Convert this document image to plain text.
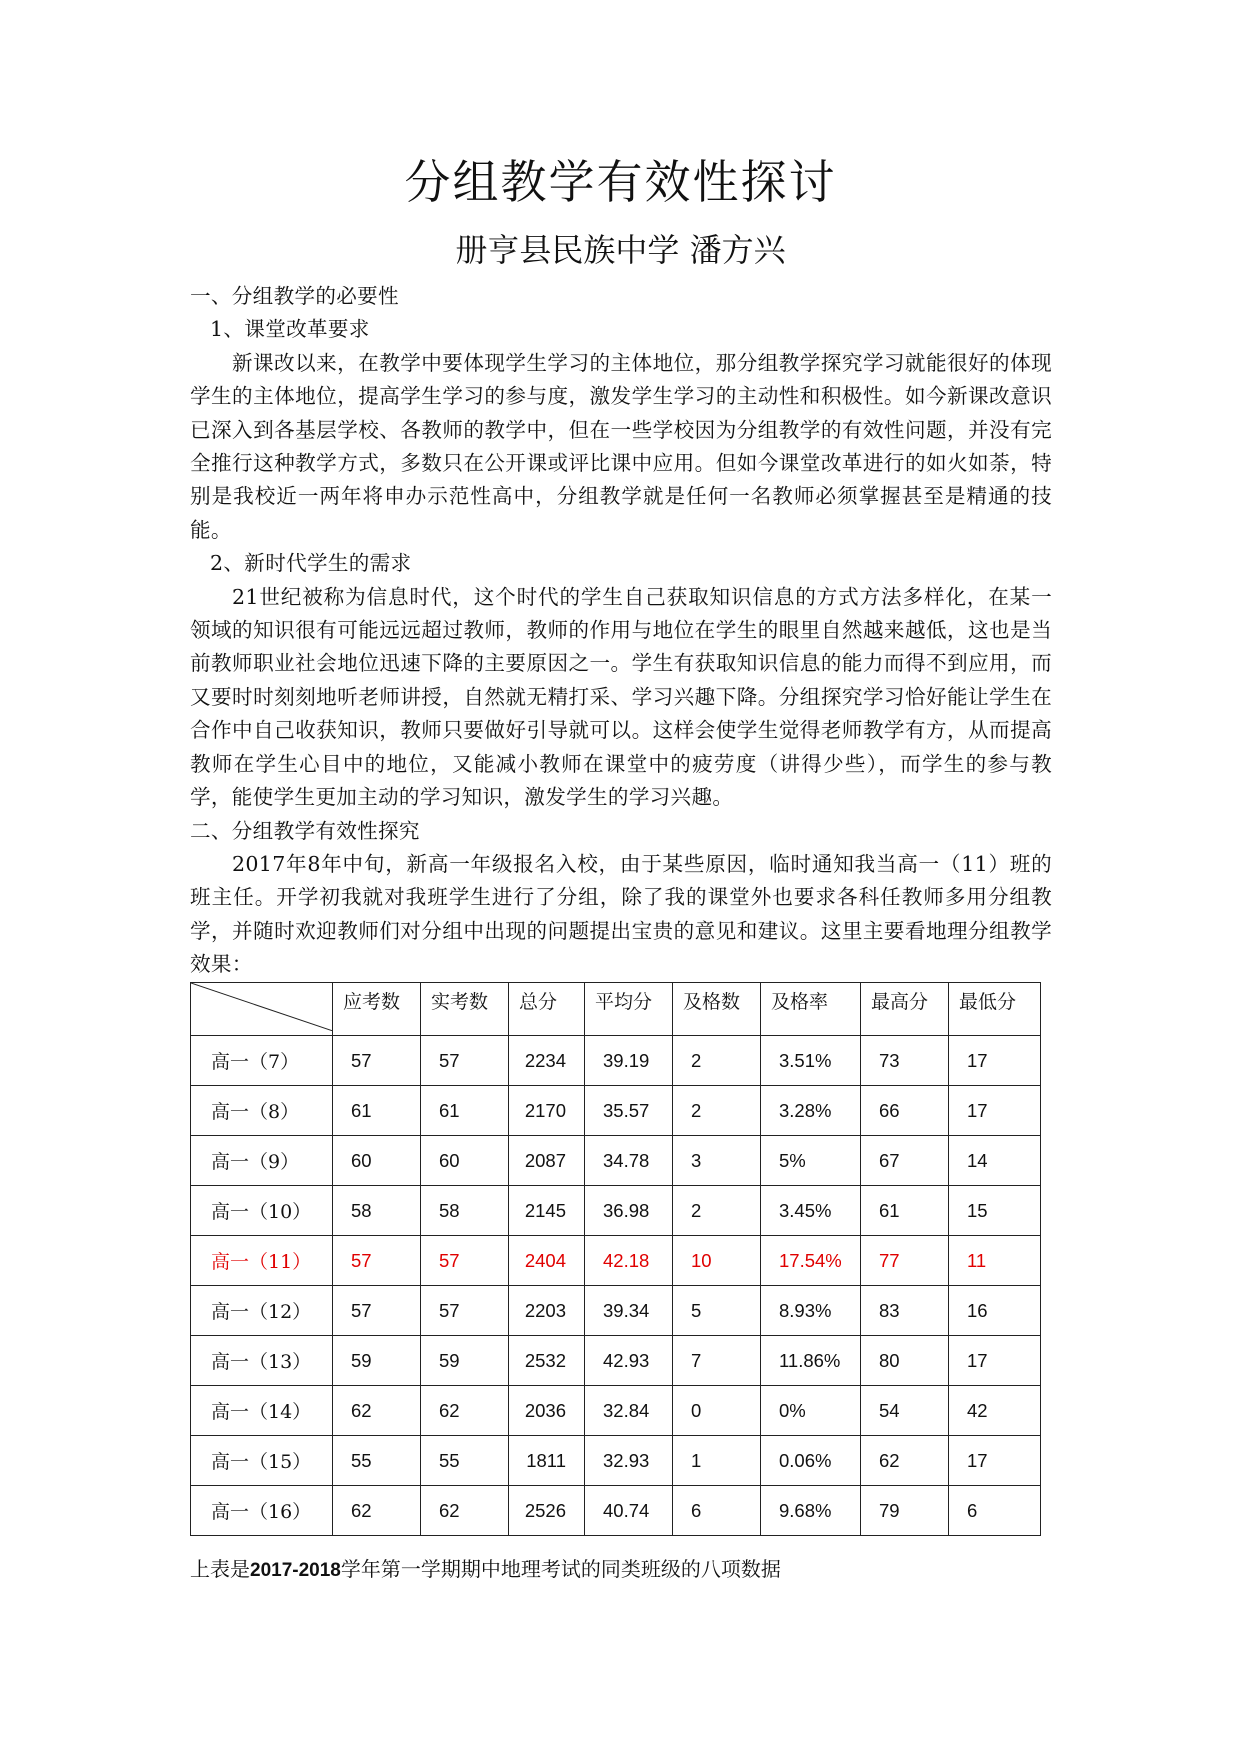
分组教学有效性探讨
册亨县民族中学 潘方兴

一、分组教学的必要性

1、课堂改革要求

新课改以来，在教学中要体现学生学习的主体地位，那分组教学探究学习就能很好的体现学生的主体地位，提高学生学习的参与度，激发学生学习的主动性和积极性。如今新课改意识已深入到各基层学校、各教师的教学中，但在一些学校因为分组教学的有效性问题，并没有完全推行这种教学方式，多数只在公开课或评比课中应用。但如今课堂改革进行的如火如荼，特别是我校近一两年将申办示范性高中，分组教学就是任何一名教师必须掌握甚至是精通的技能。

2、新时代学生的需求

21世纪被称为信息时代，这个时代的学生自己获取知识信息的方式方法多样化，在某一领域的知识很有可能远远超过教师，教师的作用与地位在学生的眼里自然越来越低，这也是当前教师职业社会地位迅速下降的主要原因之一。学生有获取知识信息的能力而得不到应用，而又要时时刻刻地听老师讲授，自然就无精打采、学习兴趣下降。分组探究学习恰好能让学生在合作中自己收获知识，教师只要做好引导就可以。这样会使学生觉得老师教学有方，从而提高教师在学生心目中的地位，又能减小教师在课堂中的疲劳度（讲得少些），而学生的参与教学，能使学生更加主动的学习知识，激发学生的学习兴趣。

二、分组教学有效性探究

2017年8年中旬，新高一年级报名入校，由于某些原因，临时通知我当高一（11）班的班主任。开学初我就对我班学生进行了分组，除了我的课堂外也要求各科任教师多用分组教学，并随时欢迎教师们对分组中出现的问题提出宝贵的意见和建议。这里主要看地理分组教学效果：

	应考数	实考数	总分	平均分	及格数	及格率	最高分	最低分
高一（7）	57	57	2234	39.19	2	3.51%	73	17
高一（8）	61	61	2170	35.57	2	3.28%	66	17
高一（9）	60	60	2087	34.78	3	5%	67	14
高一（10）	58	58	2145	36.98	2	3.45%	61	15
高一（11）	57	57	2404	42.18	10	17.54%	77	11
高一（12）	57	57	2203	39.34	5	8.93%	83	16
高一（13）	59	59	2532	42.93	7	11.86%	80	17
高一（14）	62	62	2036	32.84	0	0%	54	42
高一（15）	55	55	1811	32.93	1	0.06%	62	17
高一（16）	62	62	2526	40.74	6	9.68%	79	6
上表是2017-2018学年第一学期期中地理考试的同类班级的八项数据
